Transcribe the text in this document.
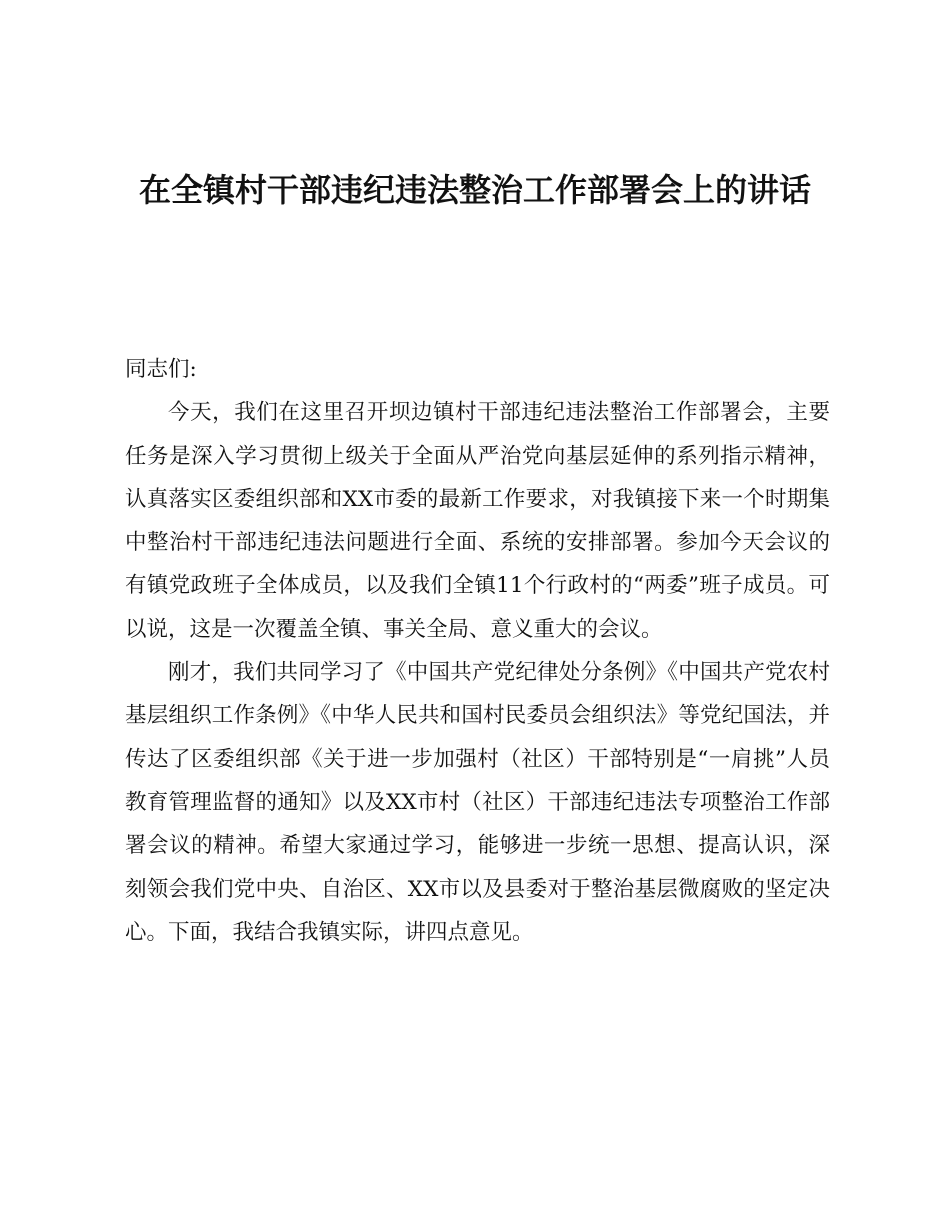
在全镇村干部违纪违法整治工作部署会上的讲话

同志们:

今天，我们在这里召开坝边镇村干部违纪违法整治工作部署会，主要任务是深入学习贯彻上级关于全面从严治党向基层延伸的系列指示精神，认真落实区委组织部和XX市委的最新工作要求，对我镇接下来一个时期集中整治村干部违纪违法问题进行全面、系统的安排部署。参加今天会议的有镇党政班子全体成员，以及我们全镇11个行政村的“两委”班子成员。可以说，这是一次覆盖全镇、事关全局、意义重大的会议。

刚才，我们共同学习了《中国共产党纪律处分条例》《中国共产党农村基层组织工作条例》《中华人民共和国村民委员会组织法》等党纪国法，并传达了区委组织部《关于进一步加强村（社区）干部特别是“一肩挑”人员教育管理监督的通知》以及XX市村（社区）干部违纪违法专项整治工作部署会议的精神。希望大家通过学习，能够进一步统一思想、提高认识，深刻领会我们党中央、自治区、XX市以及县委对于整治基层微腐败的坚定决心。下面，我结合我镇实际，讲四点意见。
